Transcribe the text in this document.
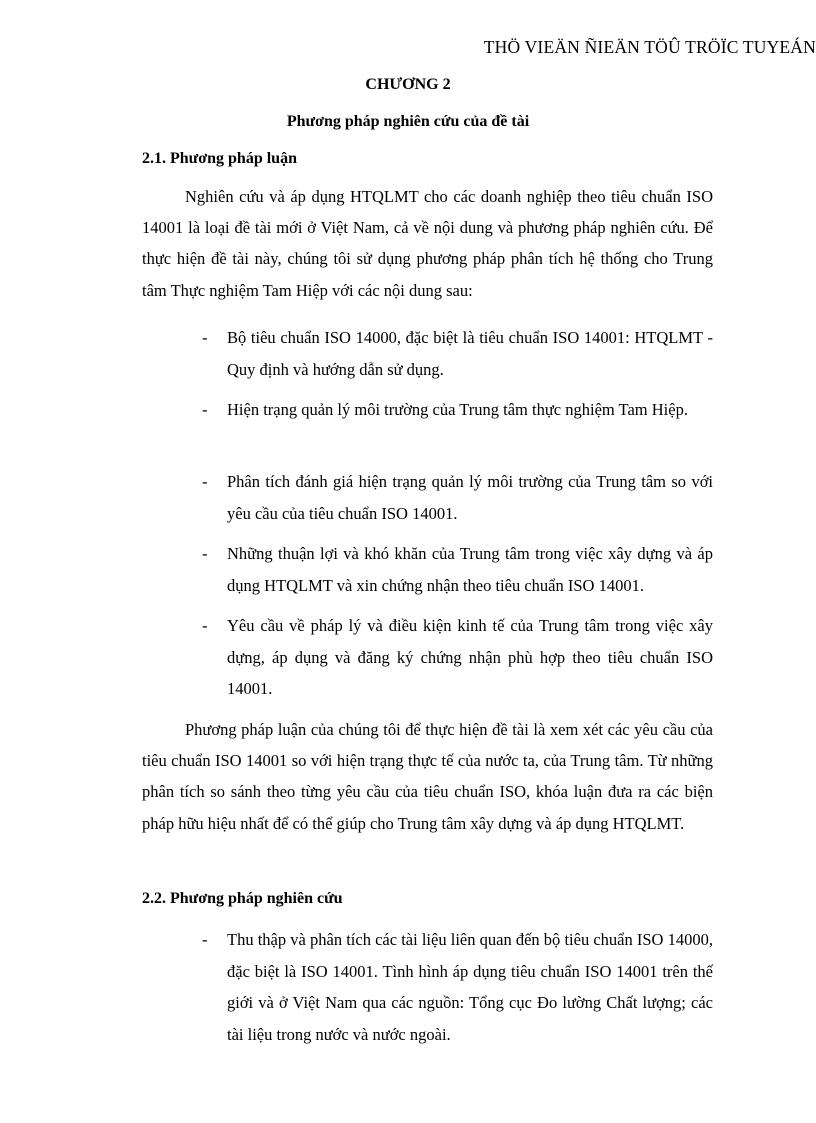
THÖ VIEÄN ÑIEÄN TÖÛ TRÖÏC TUYEÁN
CHƯƠNG 2
Phương pháp nghiên cứu của đề tài
2.1. Phương pháp luận

Nghiên cứu và áp dụng HTQLMT cho các doanh nghiệp theo tiêu chuẩn ISO 14001 là loại đề tài mới ở Việt Nam, cả về nội dung và phương pháp nghiên cứu. Để thực hiện đề tài này, chúng tôi sử dụng phương pháp phân tích hệ thống cho Trung tâm Thực nghiệm Tam Hiệp với các nội dung sau:

-	Bộ tiêu chuẩn ISO 14000, đặc biệt là tiêu chuẩn ISO 14001: HTQLMT - Quy định và hướng dẫn sử dụng.
-	Hiện trạng quản lý môi trường của Trung tâm thực nghiệm Tam Hiệp.
-	Phân tích đánh giá hiện trạng quản lý môi trường của Trung tâm so với yêu cầu của tiêu chuẩn ISO 14001.
-	Những thuận lợi và khó khăn của Trung tâm trong việc xây dựng và áp dụng HTQLMT và xin chứng nhận theo tiêu chuẩn ISO 14001.
-	Yêu cầu về pháp lý và điều kiện kinh tế của Trung tâm trong việc xây dựng, áp dụng và đăng ký chứng nhận phù hợp theo tiêu chuẩn ISO 14001.

Phương pháp luận của chúng tôi để thực hiện đề tài là xem xét các yêu cầu của tiêu chuẩn ISO 14001 so với hiện trạng thực tế của nước ta, của Trung tâm. Từ những phân tích so sánh theo từng yêu cầu của tiêu chuẩn ISO, khóa luận đưa ra các biện pháp hữu hiệu nhất để có thể giúp cho Trung tâm xây dựng và áp dụng HTQLMT.

2.2. Phương pháp nghiên cứu
-	Thu thập và phân tích các tài liệu liên quan đến bộ tiêu chuẩn ISO 14000, đặc biệt là ISO 14001. Tình hình áp dụng tiêu chuẩn ISO 14001 trên thế giới và ở Việt Nam qua các nguồn: Tổng cục Đo lường Chất lượng; các tài liệu trong nước và nước ngoài.
